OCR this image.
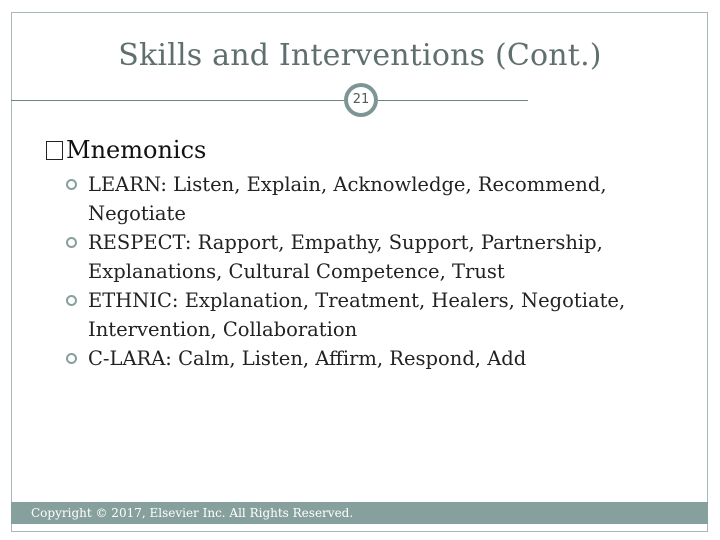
Skills and Interventions (Cont.)
21
Mnemonics
LEARN: Listen, Explain, Acknowledge, Recommend, Negotiate
RESPECT: Rapport, Empathy, Support, Partnership, Explanations, Cultural Competence, Trust
ETHNIC: Explanation, Treatment, Healers, Negotiate, Intervention, Collaboration
C-LARA: Calm, Listen, Affirm, Respond, Add
Copyright © 2017, Elsevier Inc. All Rights Reserved.
